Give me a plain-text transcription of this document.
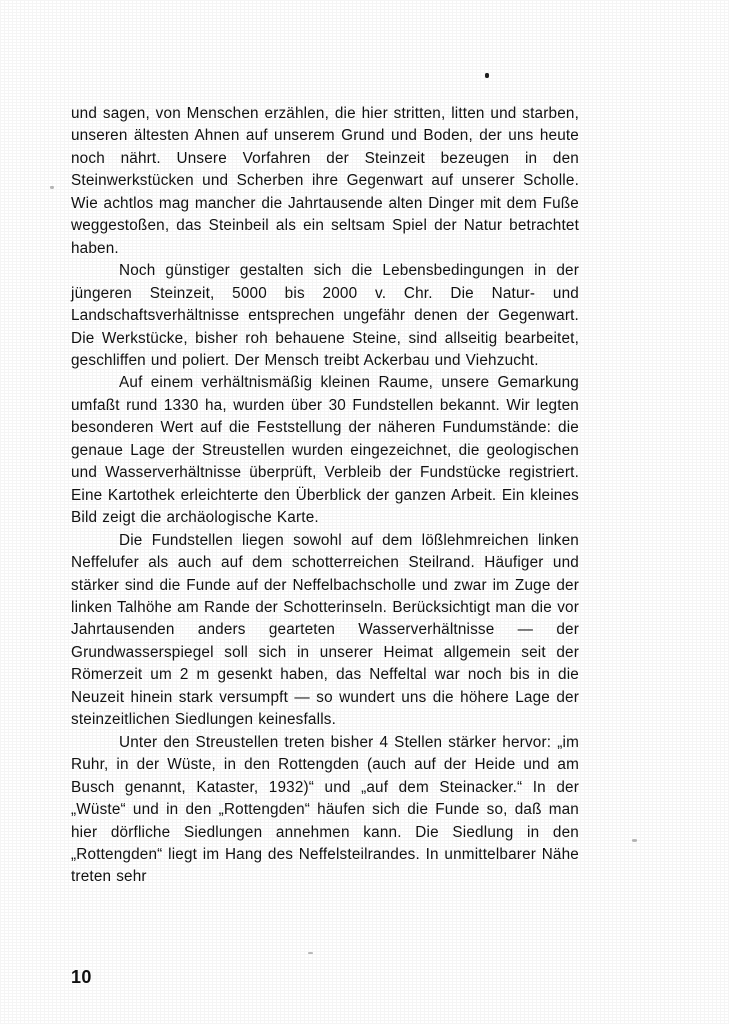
und sagen, von Menschen erzählen, die hier stritten, litten und starben, unseren ältesten Ahnen auf unserem Grund und Boden, der uns heute noch nährt. Unsere Vorfahren der Steinzeit bezeugen in den Steinwerkstücken und Scherben ihre Gegenwart auf unserer Scholle. Wie achtlos mag mancher die Jahrtausende alten Dinger mit dem Fuße weggestoßen, das Steinbeil als ein seltsam Spiel der Natur betrachtet haben.

Noch günstiger gestalten sich die Lebensbedingungen in der jüngeren Steinzeit, 5000 bis 2000 v. Chr. Die Natur- und Landschaftsverhältnisse entsprechen ungefähr denen der Gegenwart. Die Werkstücke, bisher roh behauene Steine, sind allseitig bearbeitet, geschliffen und poliert. Der Mensch treibt Ackerbau und Viehzucht.

Auf einem verhältnismäßig kleinen Raume, unsere Gemarkung umfaßt rund 1330 ha, wurden über 30 Fundstellen bekannt. Wir legten besonderen Wert auf die Feststellung der näheren Fundumstände: die genaue Lage der Streustellen wurden eingezeichnet, die geologischen und Wasserverhältnisse überprüft, Verbleib der Fundstücke registriert. Eine Kartothek erleichterte den Überblick der ganzen Arbeit. Ein kleines Bild zeigt die archäologische Karte.

Die Fundstellen liegen sowohl auf dem lößlehmreichen linken Neffelufer als auch auf dem schotterreichen Steilrand. Häufiger und stärker sind die Funde auf der Neffelbachscholle und zwar im Zuge der linken Talhöhe am Rande der Schotterinseln. Berücksichtigt man die vor Jahrtausenden anders gearteten Wasserverhältnisse — der Grundwasserspiegel soll sich in unserer Heimat allgemein seit der Römerzeit um 2 m gesenkt haben, das Neffeltal war noch bis in die Neuzeit hinein stark versumpft — so wundert uns die höhere Lage der steinzeitlichen Siedlungen keinesfalls.

Unter den Streustellen treten bisher 4 Stellen stärker hervor: „im Ruhr, in der Wüste, in den Rottengden (auch auf der Heide und am Busch genannt, Kataster, 1932)“ und „auf dem Steinacker.“ In der „Wüste“ und in den „Rottengden“ häufen sich die Funde so, daß man hier dörfliche Siedlungen annehmen kann. Die Siedlung in den „Rottengden“ liegt im Hang des Neffelsteilrandes. In unmittelbarer Nähe treten sehr

10
